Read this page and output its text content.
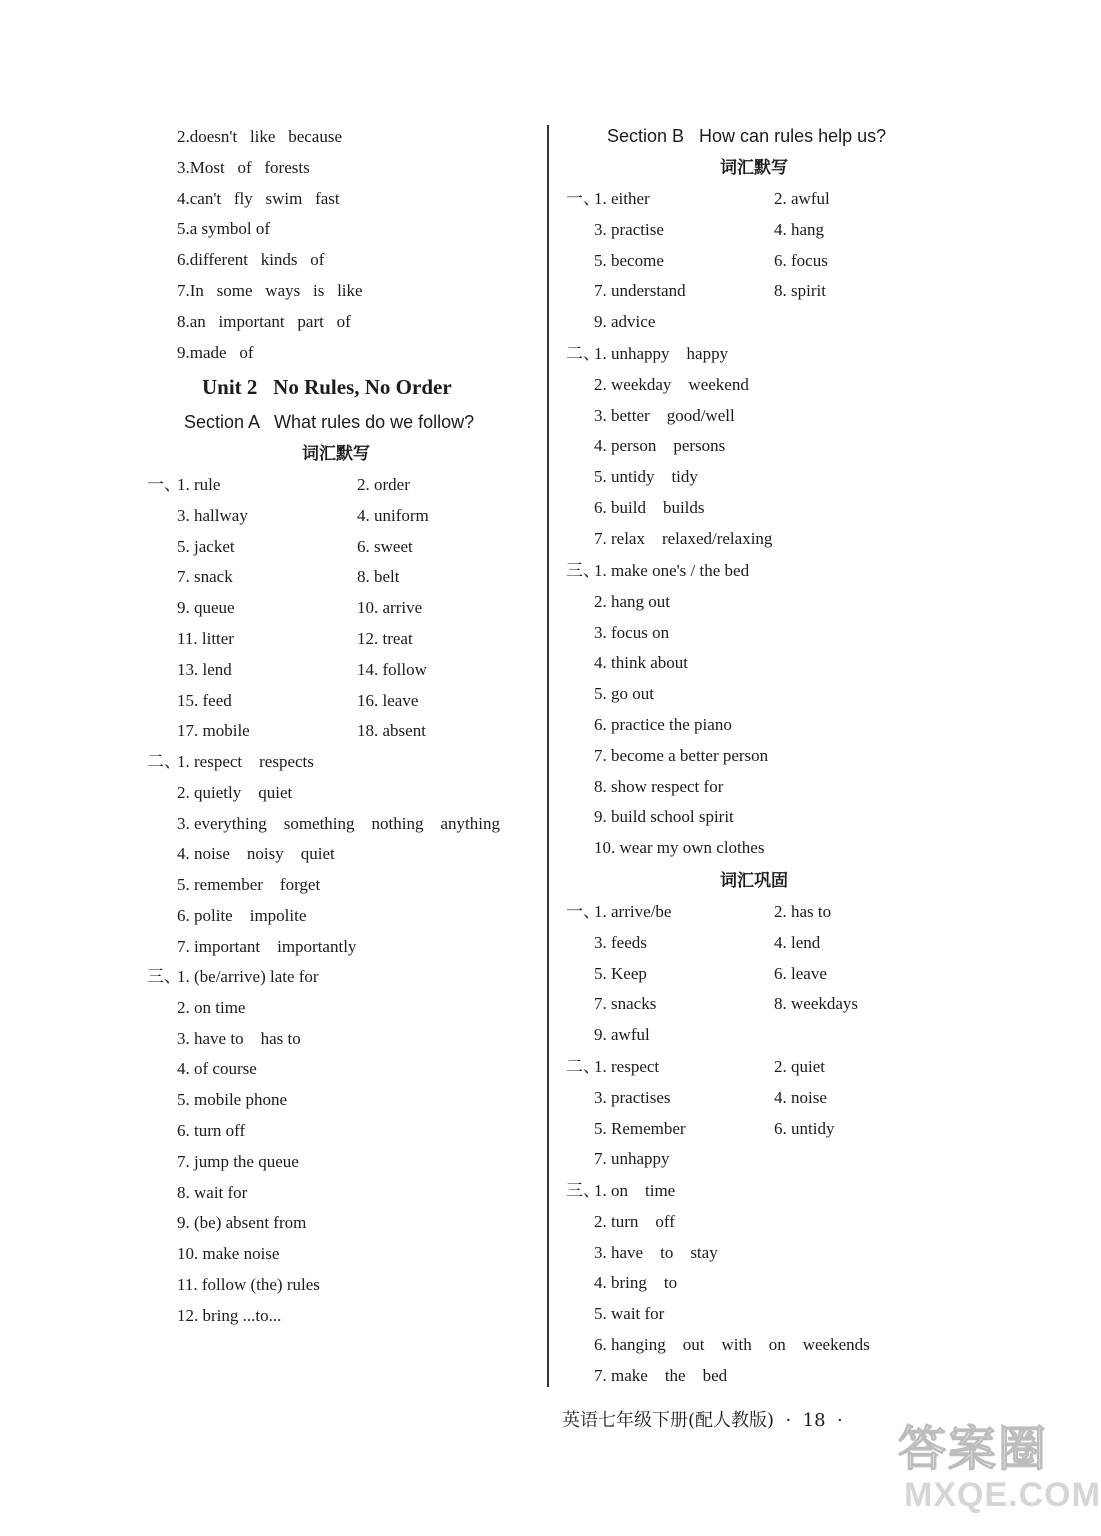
2.doesn't   like   because
3.Most   of   forests
4.can't   fly   swim   fast
5.a symbol of
6.different   kinds   of
7.In   some   ways   is   like
8.an   important   part   of
9.made   of
Unit 2   No Rules, No Order
Section A   What rules do we follow?
词汇默写
一、
1. rule	2. order
3. hallway	4. uniform
5. jacket	6. sweet
7. snack	8. belt
9. queue	10. arrive
11. litter	12. treat
13. lend	14. follow
15. feed	16. leave
17. mobile	18. absent
二、
1. respect    respects
2. quietly    quiet
3. everything    something    nothing    anything
4. noise    noisy    quiet
5. remember    forget
6. polite    impolite
7. important    importantly
三、
1. (be/arrive) late for
2. on time
3. have to    has to
4. of course
5. mobile phone
6. turn off
7. jump the queue
8. wait for
9. (be) absent from
10. make noise
11. follow (the) rules
12. bring ...to...
Section B   How can rules help us?
词汇默写
一、
1. either	2. awful
3. practise	4. hang
5. become	6. focus
7. understand	8. spirit
9. advice
二、
1. unhappy    happy
2. weekday    weekend
3. better    good/well
4. person    persons
5. untidy    tidy
6. build    builds
7. relax    relaxed/relaxing
三、
1. make one's / the bed
2. hang out
3. focus on
4. think about
5. go out
6. practice the piano
7. become a better person
8. show respect for
9. build school spirit
10. wear my own clothes
词汇巩固
一、
1. arrive/be	2. has to
3. feeds	4. lend
5. Keep	6. leave
7. snacks	8. weekdays
9. awful
二、
1. respect	2. quiet
3. practises	4. noise
5. Remember	6. untidy
7. unhappy
三、
1. on    time
2. turn    off
3. have    to    stay
4. bring    to
5. wait for
6. hanging    out    with    on    weekends
7. make    the    bed
英语七年级下册(配人教版) ·  18  ·
答案圈
MXQE.COM
